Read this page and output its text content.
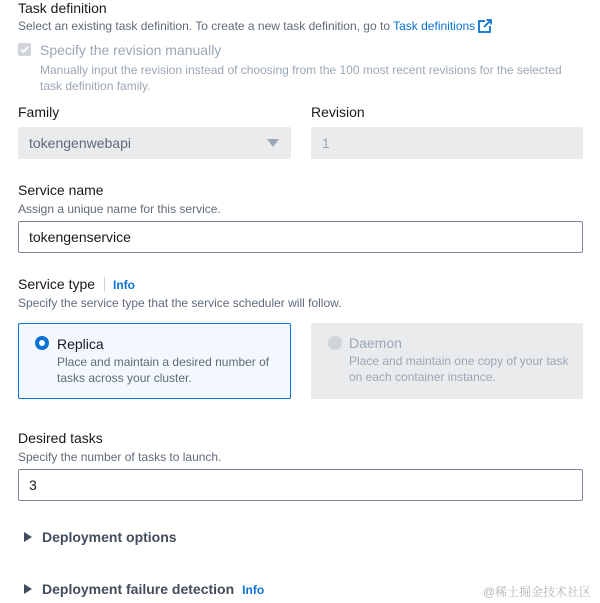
Task definition
Select an existing task definition. To create a new task definition, go to Task definitions
Specify the revision manually
Manually input the revision instead of choosing from the 100 most recent revisions for the selected task definition family.
Family	Revision
tokengenwebapi	1
Service name
Assign a unique name for this service.
tokengenservice
Service type Info
Specify the service type that the service scheduler will follow.
Replica
Place and maintain a desired number of tasks across your cluster.
Daemon
Place and maintain one copy of your task on each container instance.
Desired tasks
Specify the number of tasks to launch.
3
Deployment options
Deployment failure detection Info	@稀土掘金技术社区
